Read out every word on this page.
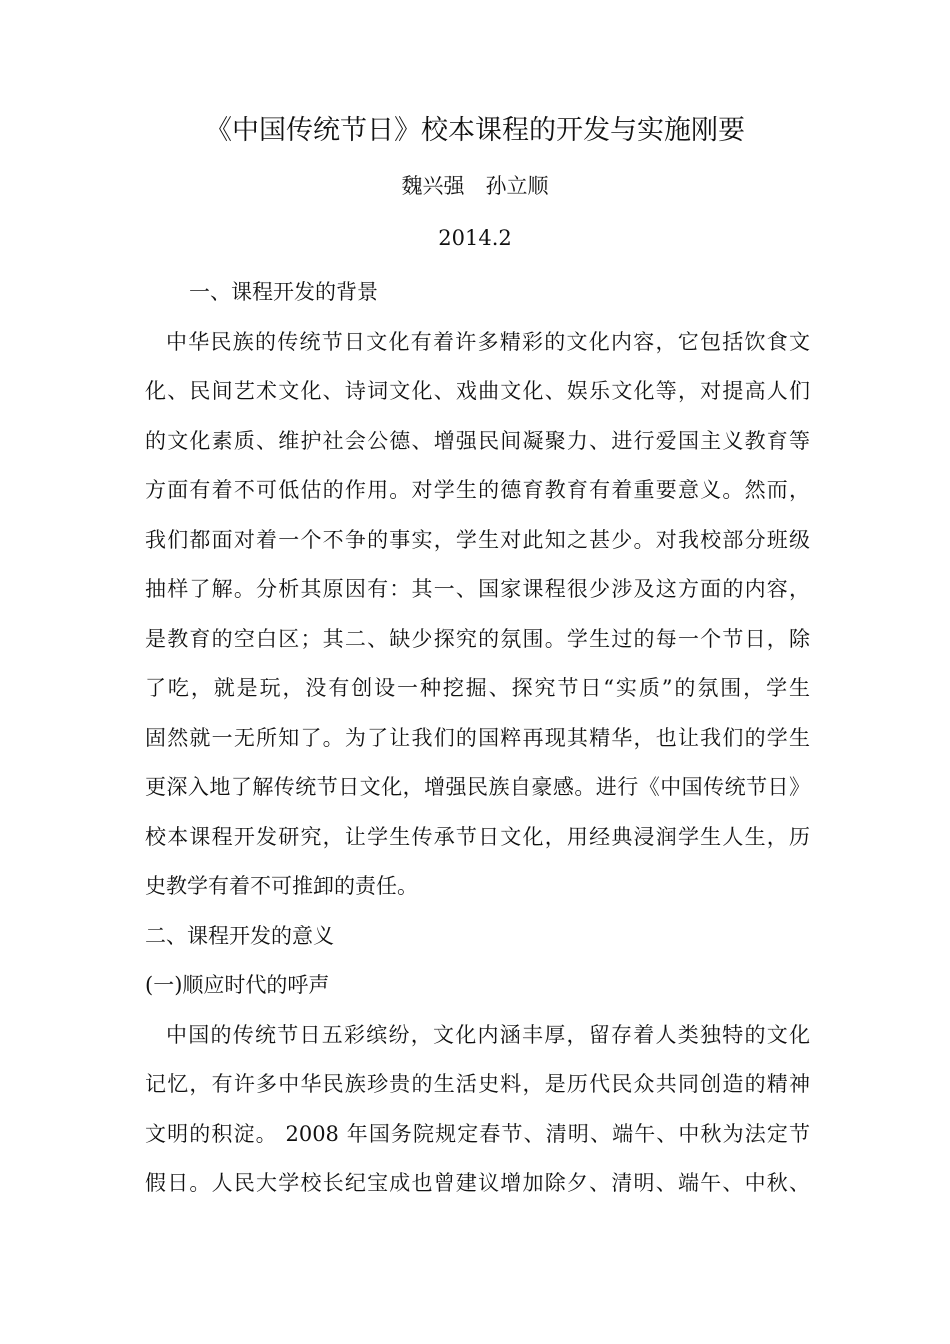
《中国传统节日》校本课程的开发与实施刚要
魏兴强　孙立顺
2014.2
一、课程开发的背景
中华民族的传统节日文化有着许多精彩的文化内容，它包括饮食文
化、民间艺术文化、诗词文化、戏曲文化、娱乐文化等，对提高人们
的文化素质、维护社会公德、增强民间凝聚力、进行爱国主义教育等
方面有着不可低估的作用。对学生的德育教育有着重要意义。然而，
我们都面对着一个不争的事实，学生对此知之甚少。对我校部分班级
抽样了解。分析其原因有：其一、国家课程很少涉及这方面的内容，
是教育的空白区；其二、缺少探究的氛围。学生过的每一个节日，除
了吃，就是玩，没有创设一种挖掘、探究节日“实质”的氛围，学生
固然就一无所知了。为了让我们的国粹再现其精华，也让我们的学生
更深入地了解传统节日文化，增强民族自豪感。进行《中国传统节日》
校本课程开发研究，让学生传承节日文化，用经典浸润学生人生，历
史教学有着不可推卸的责任。
二、课程开发的意义
(一)顺应时代的呼声
中国的传统节日五彩缤纷，文化内涵丰厚，留存着人类独特的文化
记忆，有许多中华民族珍贵的生活史料，是历代民众共同创造的精神
文明的积淀。 2008 年国务院规定春节、清明、端午、中秋为法定节
假日。人民大学校长纪宝成也曾建议增加除夕、清明、端午、中秋、
